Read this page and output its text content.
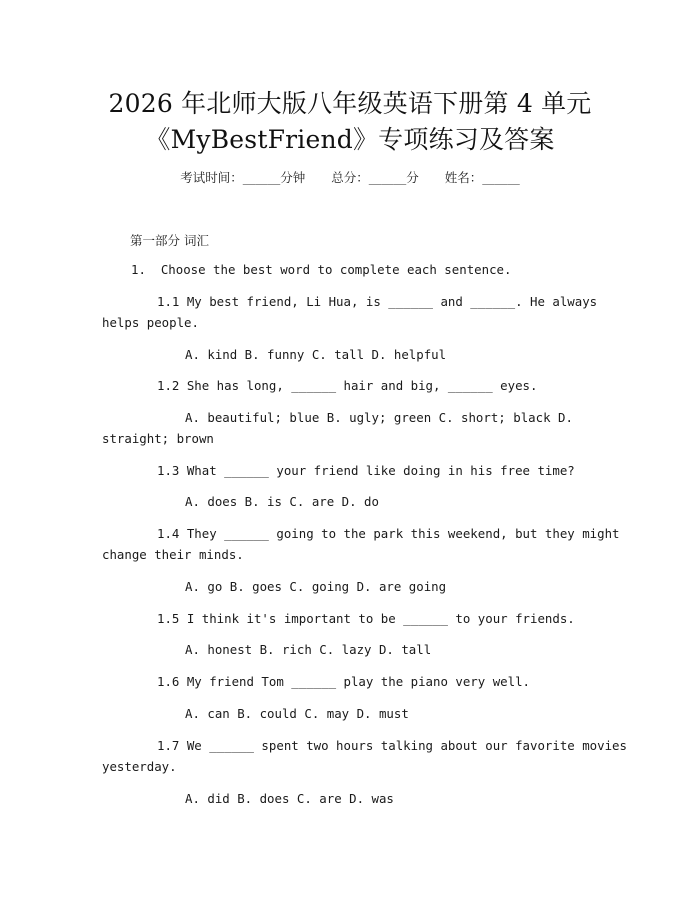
2026 年北师大版八年级英语下册第 4 单元
《MyBestFriend》专项练习及答案
考试时间：______分钟 总分：______分 姓名：______
第一部分 词汇
1.  Choose the best word to complete each sentence.
1.1 My best friend, Li Hua, is ______ and ______. He always
helps people.
A. kind B. funny C. tall D. helpful
1.2 She has long, ______ hair and big, ______ eyes.
A. beautiful; blue B. ugly; green C. short; black D.
straight; brown
1.3 What ______ your friend like doing in his free time?
A. does B. is C. are D. do
1.4 They ______ going to the park this weekend, but they might
change their minds.
A. go B. goes C. going D. are going
1.5 I think it's important to be ______ to your friends.
A. honest B. rich C. lazy D. tall
1.6 My friend Tom ______ play the piano very well.
A. can B. could C. may D. must
1.7 We ______ spent two hours talking about our favorite movies
yesterday.
A. did B. does C. are D. was
